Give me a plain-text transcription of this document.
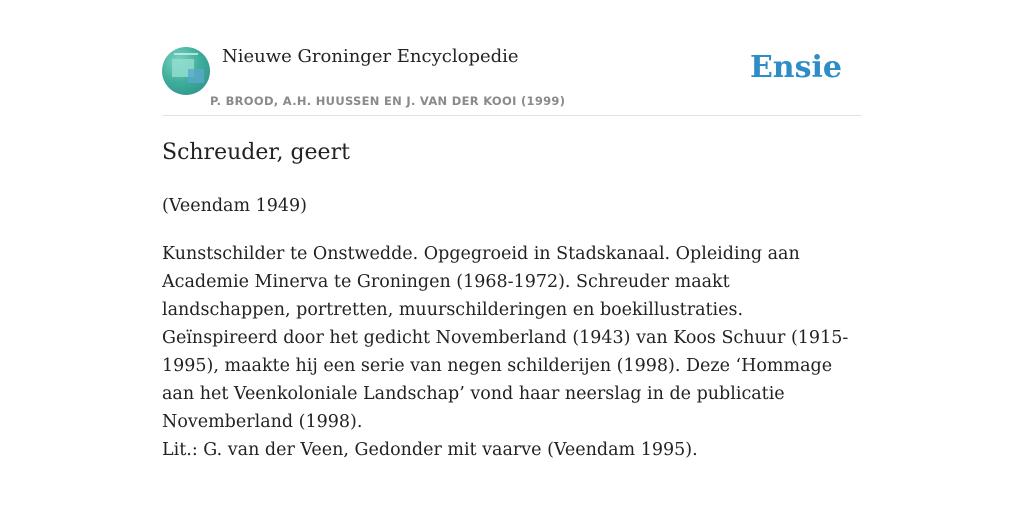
Nieuwe Groninger Encyclopedie
P. BROOD, A.H. HUUSSEN EN J. VAN DER KOOI (1999)
Ensie
Schreuder, geert
(Veendam 1949)

Kunstschilder te Onstwedde. Opgegroeid in Stadskanaal. Opleiding aan Academie Minerva te Groningen (1968-1972). Schreuder maakt landschappen, portretten, muurschilderingen en boekillustraties. Geïnspireerd door het gedicht Novemberland (1943) van Koos Schuur (1915-1995), maakte hij een serie van negen schilderijen (1998). Deze ‘Hommage aan het Veenkoloniale Landschap’ vond haar neerslag in de publicatie Novemberland (1998).

Lit.: G. van der Veen, Gedonder mit vaarve (Veendam 1995).
